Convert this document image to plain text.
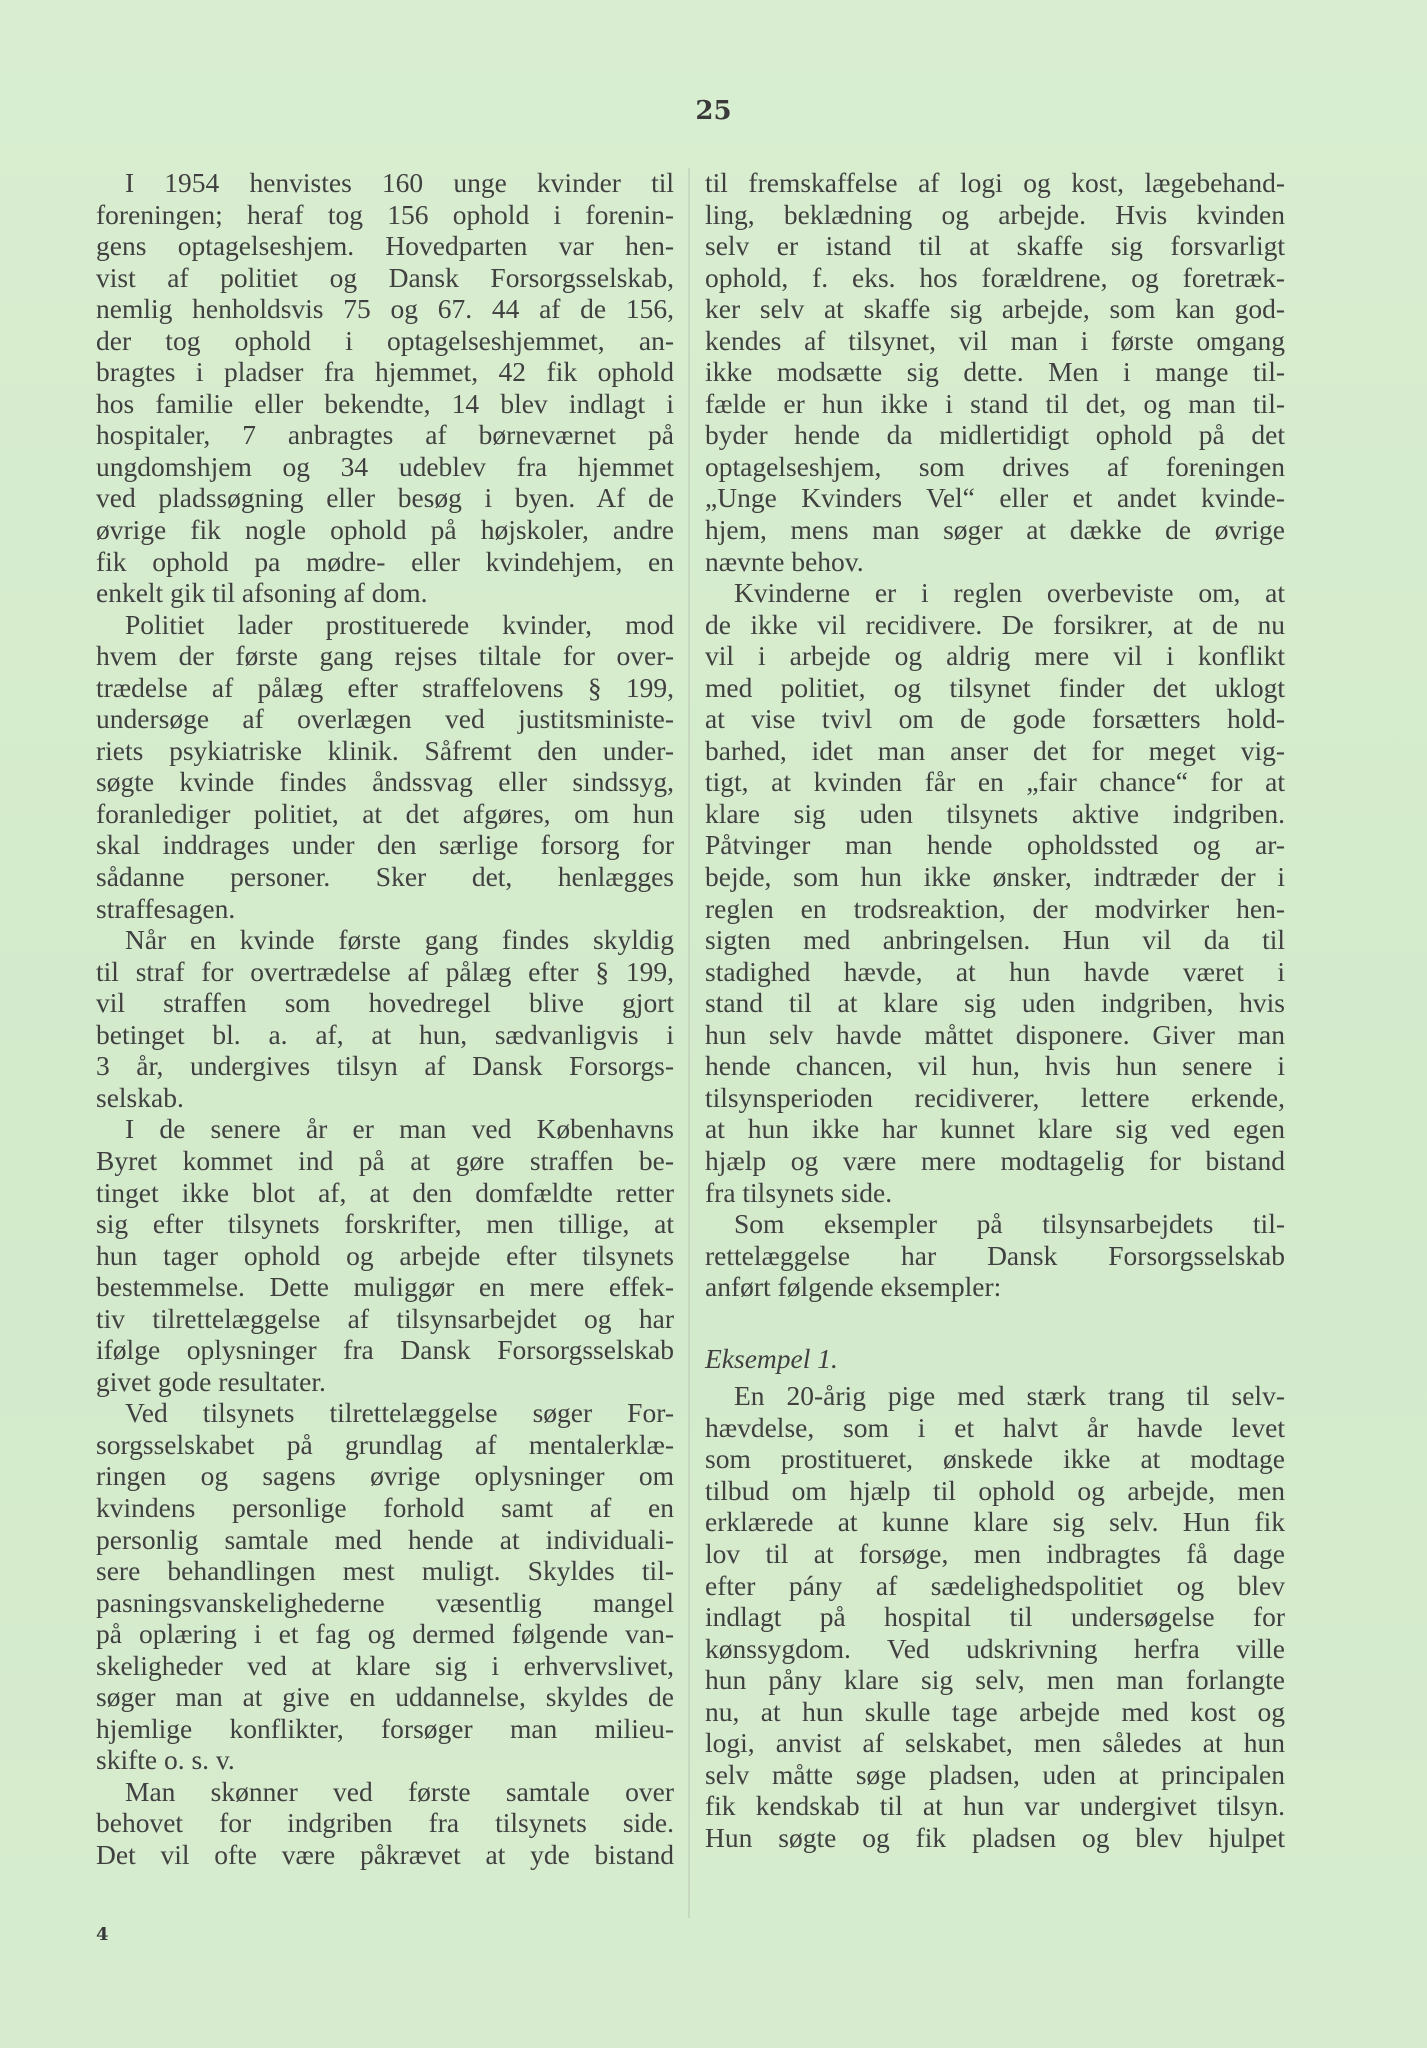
25
I 1954 henvistes 160 unge kvinder til
foreningen; heraf tog 156 ophold i forenin-
gens optagelseshjem. Hovedparten var hen-
vist af politiet og Dansk Forsorgsselskab,
nemlig henholdsvis 75 og 67. 44 af de 156,
der tog ophold i optagelseshjemmet, an-
bragtes i pladser fra hjemmet, 42 fik ophold
hos familie eller bekendte, 14 blev indlagt i
hospitaler, 7 anbragtes af børneværnet på
ungdomshjem og 34 udeblev fra hjemmet
ved pladssøgning eller besøg i byen. Af de
øvrige fik nogle ophold på højskoler, andre
fik ophold pa mødre- eller kvindehjem, en
enkelt gik til afsoning af dom.
Politiet lader prostituerede kvinder, mod
hvem der første gang rejses tiltale for over-
trædelse af pålæg efter straffelovens § 199,
undersøge af overlægen ved justitsministe-
riets psykiatriske klinik. Såfremt den under-
søgte kvinde findes åndssvag eller sindssyg,
foranlediger politiet, at det afgøres, om hun
skal inddrages under den særlige forsorg for
sådanne personer. Sker det, henlægges
straffesagen.
Når en kvinde første gang findes skyldig
til straf for overtrædelse af pålæg efter § 199,
vil straffen som hovedregel blive gjort
betinget bl. a. af, at hun, sædvanligvis i
3 år, undergives tilsyn af Dansk Forsorgs-
selskab.
I de senere år er man ved Københavns
Byret kommet ind på at gøre straffen be-
tinget ikke blot af, at den domfældte retter
sig efter tilsynets forskrifter, men tillige, at
hun tager ophold og arbejde efter tilsynets
bestemmelse. Dette muliggør en mere effek-
tiv tilrettelæggelse af tilsynsarbejdet og har
ifølge oplysninger fra Dansk Forsorgsselskab
givet gode resultater.
Ved tilsynets tilrettelæggelse søger For-
sorgsselskabet på grundlag af mentalerklæ-
ringen og sagens øvrige oplysninger om
kvindens personlige forhold samt af en
personlig samtale med hende at individuali-
sere behandlingen mest muligt. Skyldes til-
pasningsvanskelighederne væsentlig mangel
på oplæring i et fag og dermed følgende van-
skeligheder ved at klare sig i erhvervslivet,
søger man at give en uddannelse, skyldes de
hjemlige konflikter, forsøger man milieu-
skifte o. s. v.
Man skønner ved første samtale over
behovet for indgriben fra tilsynets side.
Det vil ofte være påkrævet at yde bistand
til fremskaffelse af logi og kost, lægebehand-
ling, beklædning og arbejde. Hvis kvinden
selv er istand til at skaffe sig forsvarligt
ophold, f. eks. hos forældrene, og foretræk-
ker selv at skaffe sig arbejde, som kan god-
kendes af tilsynet, vil man i første omgang
ikke modsætte sig dette. Men i mange til-
fælde er hun ikke i stand til det, og man til-
byder hende da midlertidigt ophold på det
optagelseshjem, som drives af foreningen
„Unge Kvinders Vel“ eller et andet kvinde-
hjem, mens man søger at dække de øvrige
nævnte behov.
Kvinderne er i reglen overbeviste om, at
de ikke vil recidivere. De forsikrer, at de nu
vil i arbejde og aldrig mere vil i konflikt
med politiet, og tilsynet finder det uklogt
at vise tvivl om de gode forsætters hold-
barhed, idet man anser det for meget vig-
tigt, at kvinden får en „fair chance“ for at
klare sig uden tilsynets aktive indgriben.
Påtvinger man hende opholdssted og ar-
bejde, som hun ikke ønsker, indtræder der i
reglen en trodsreaktion, der modvirker hen-
sigten med anbringelsen. Hun vil da til
stadighed hævde, at hun havde været i
stand til at klare sig uden indgriben, hvis
hun selv havde måttet disponere. Giver man
hende chancen, vil hun, hvis hun senere i
tilsynsperioden recidiverer, lettere erkende,
at hun ikke har kunnet klare sig ved egen
hjælp og være mere modtagelig for bistand
fra tilsynets side.
Som eksempler på tilsynsarbejdets til-
rettelæggelse har Dansk Forsorgsselskab
anført følgende eksempler:
Eksempel 1.
En 20-årig pige med stærk trang til selv-
hævdelse, som i et halvt år havde levet
som prostitueret, ønskede ikke at modtage
tilbud om hjælp til ophold og arbejde, men
erklærede at kunne klare sig selv. Hun fik
lov til at forsøge, men indbragtes få dage
efter pány af sædelighedspolitiet og blev
indlagt på hospital til undersøgelse for
kønssygdom. Ved udskrivning herfra ville
hun påny klare sig selv, men man forlangte
nu, at hun skulle tage arbejde med kost og
logi, anvist af selskabet, men således at hun
selv måtte søge pladsen, uden at principalen
fik kendskab til at hun var undergivet tilsyn.
Hun søgte og fik pladsen og blev hjulpet
4
